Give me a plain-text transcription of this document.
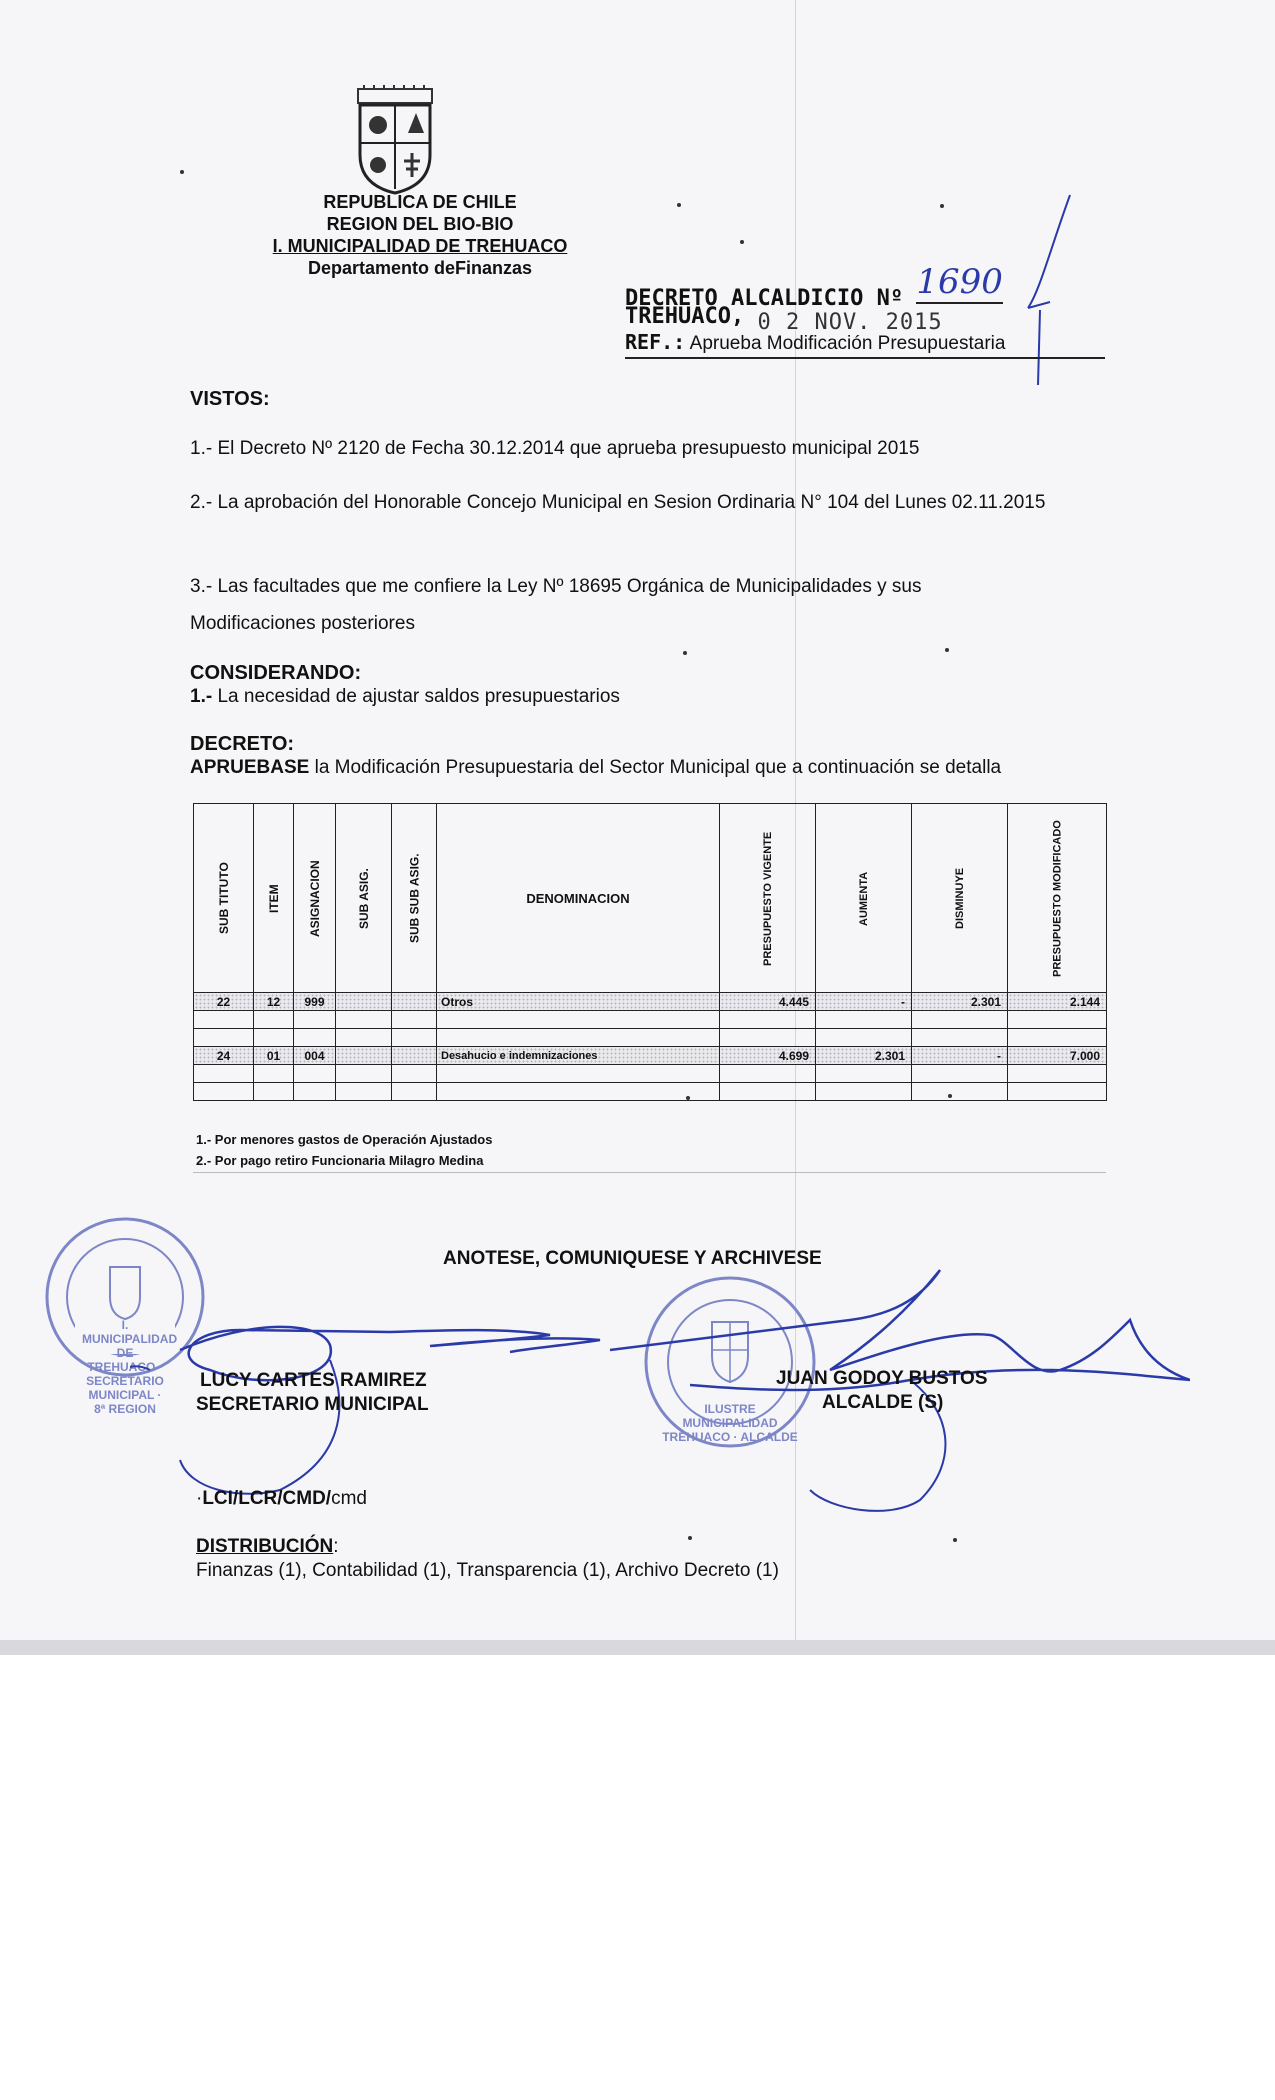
REPUBLICA DE CHILE
REGION DEL BIO-BIO
I. MUNICIPALIDAD DE TREHUACO
Departamento deFinanzas
DECRETO ALCALDICIO Nº 1690
TREHUACO, 0 2 NOV. 2015
REF.: Aprueba Modificación Presupuestaria
VISTOS:
1.- El Decreto Nº 2120 de Fecha 30.12.2014 que aprueba presupuesto municipal 2015
2.- La aprobación del Honorable Concejo Municipal en Sesion Ordinaria N° 104 del Lunes 02.11.2015
3.- Las facultades que me confiere la Ley Nº 18695 Orgánica de Municipalidades y sus Modificaciones posteriores
CONSIDERANDO:
1.- La necesidad de ajustar saldos presupuestarios
DECRETO:
APRUEBASE la Modificación Presupuestaria del Sector Municipal que a continuación se detalla
SUB TITUTO	ITEM	ASIGNACION	SUB ASIG.	SUB SUB ASIG.	DENOMINACION	PRESUPUESTO VIGENTE	AUMENTA	DISMINUYE	PRESUPUESTO MODIFICADO
22	12	999			Otros	4.445	-	2.301	2.144

24	01	004			Desahucio e indemnizaciones	4.699	2.301	-	7.000

1.- Por menores gastos de Operación Ajustados
2.- Por pago retiro Funcionaria Milagro Medina
ANOTESE, COMUNIQUESE Y ARCHIVESE
I. MUNICIPALIDAD DE TREHUACO · SECRETARIO MUNICIPAL · 8ª REGION	ILUSTRE MUNICIPALIDAD TREHUACO · ALCALDE
LUCY CARTES RAMIREZ
SECRETARIO MUNICIPAL
JUAN GODOY BUSTOS
ALCALDE (S)
·LCI/LCR/CMD/cmd
DISTRIBUCIÓN:
Finanzas (1), Contabilidad (1), Transparencia (1), Archivo Decreto (1)
